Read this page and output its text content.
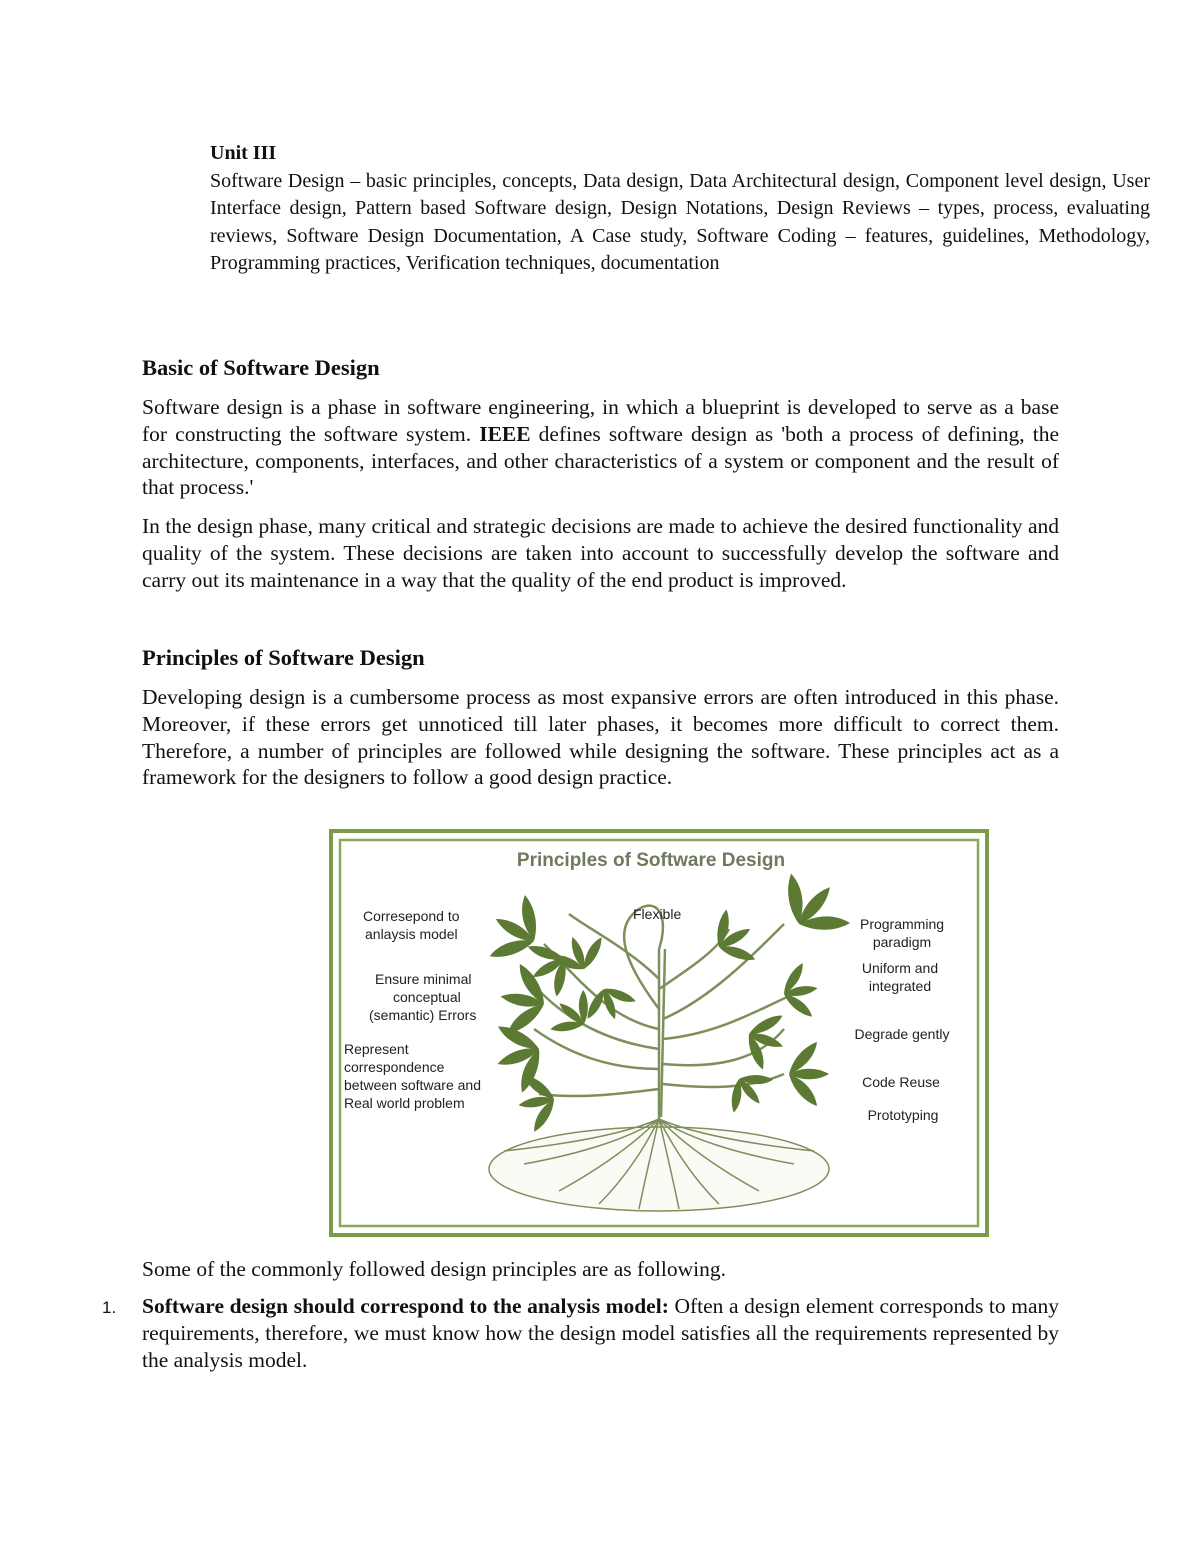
Unit III
Software Design – basic principles, concepts, Data design, Data Architectural design, Component level design, User Interface design, Pattern based Software design, Design Notations, Design Reviews – types, process, evaluating reviews, Software Design Documentation, A Case study, Software Coding – features, guidelines, Methodology, Programming practices, Verification techniques, documentation
Basic of Software Design

Software design is a phase in software engineering, in which a blueprint is developed to serve as a base for constructing the software system. IEEE defines software design as 'both a process of defining, the architecture, components, interfaces, and other characteristics of a system or component and the result of that process.'

In the design phase, many critical and strategic decisions are made to achieve the desired functionality and quality of the system. These decisions are taken into account to successfully develop the software and carry out its maintenance in a way that the quality of the end product is improved.

Principles of Software Design

Developing design is a cumbersome process as most expansive errors are often introduced in this phase. Moreover, if these errors get unnoticed till later phases, it becomes more difficult to correct them. Therefore, a number of principles are followed while designing the software. These principles act as a framework for the designers to follow a good design practice.

Principles of Software Design
Corresepond to
anlaysis model
Ensure minimal
conceptual
(semantic) Errors
Represent
correspondence
between software and
Real world problem
Flexible
Programming
paradigm
Uniform and
integrated
Degrade gently
Code Reuse
Prototyping

Some of the commonly followed design principles are as following.

1. Software design should correspond to the analysis model: Often a design element corresponds to many requirements, therefore, we must know how the design model satisfies all the requirements represented by the analysis model.
